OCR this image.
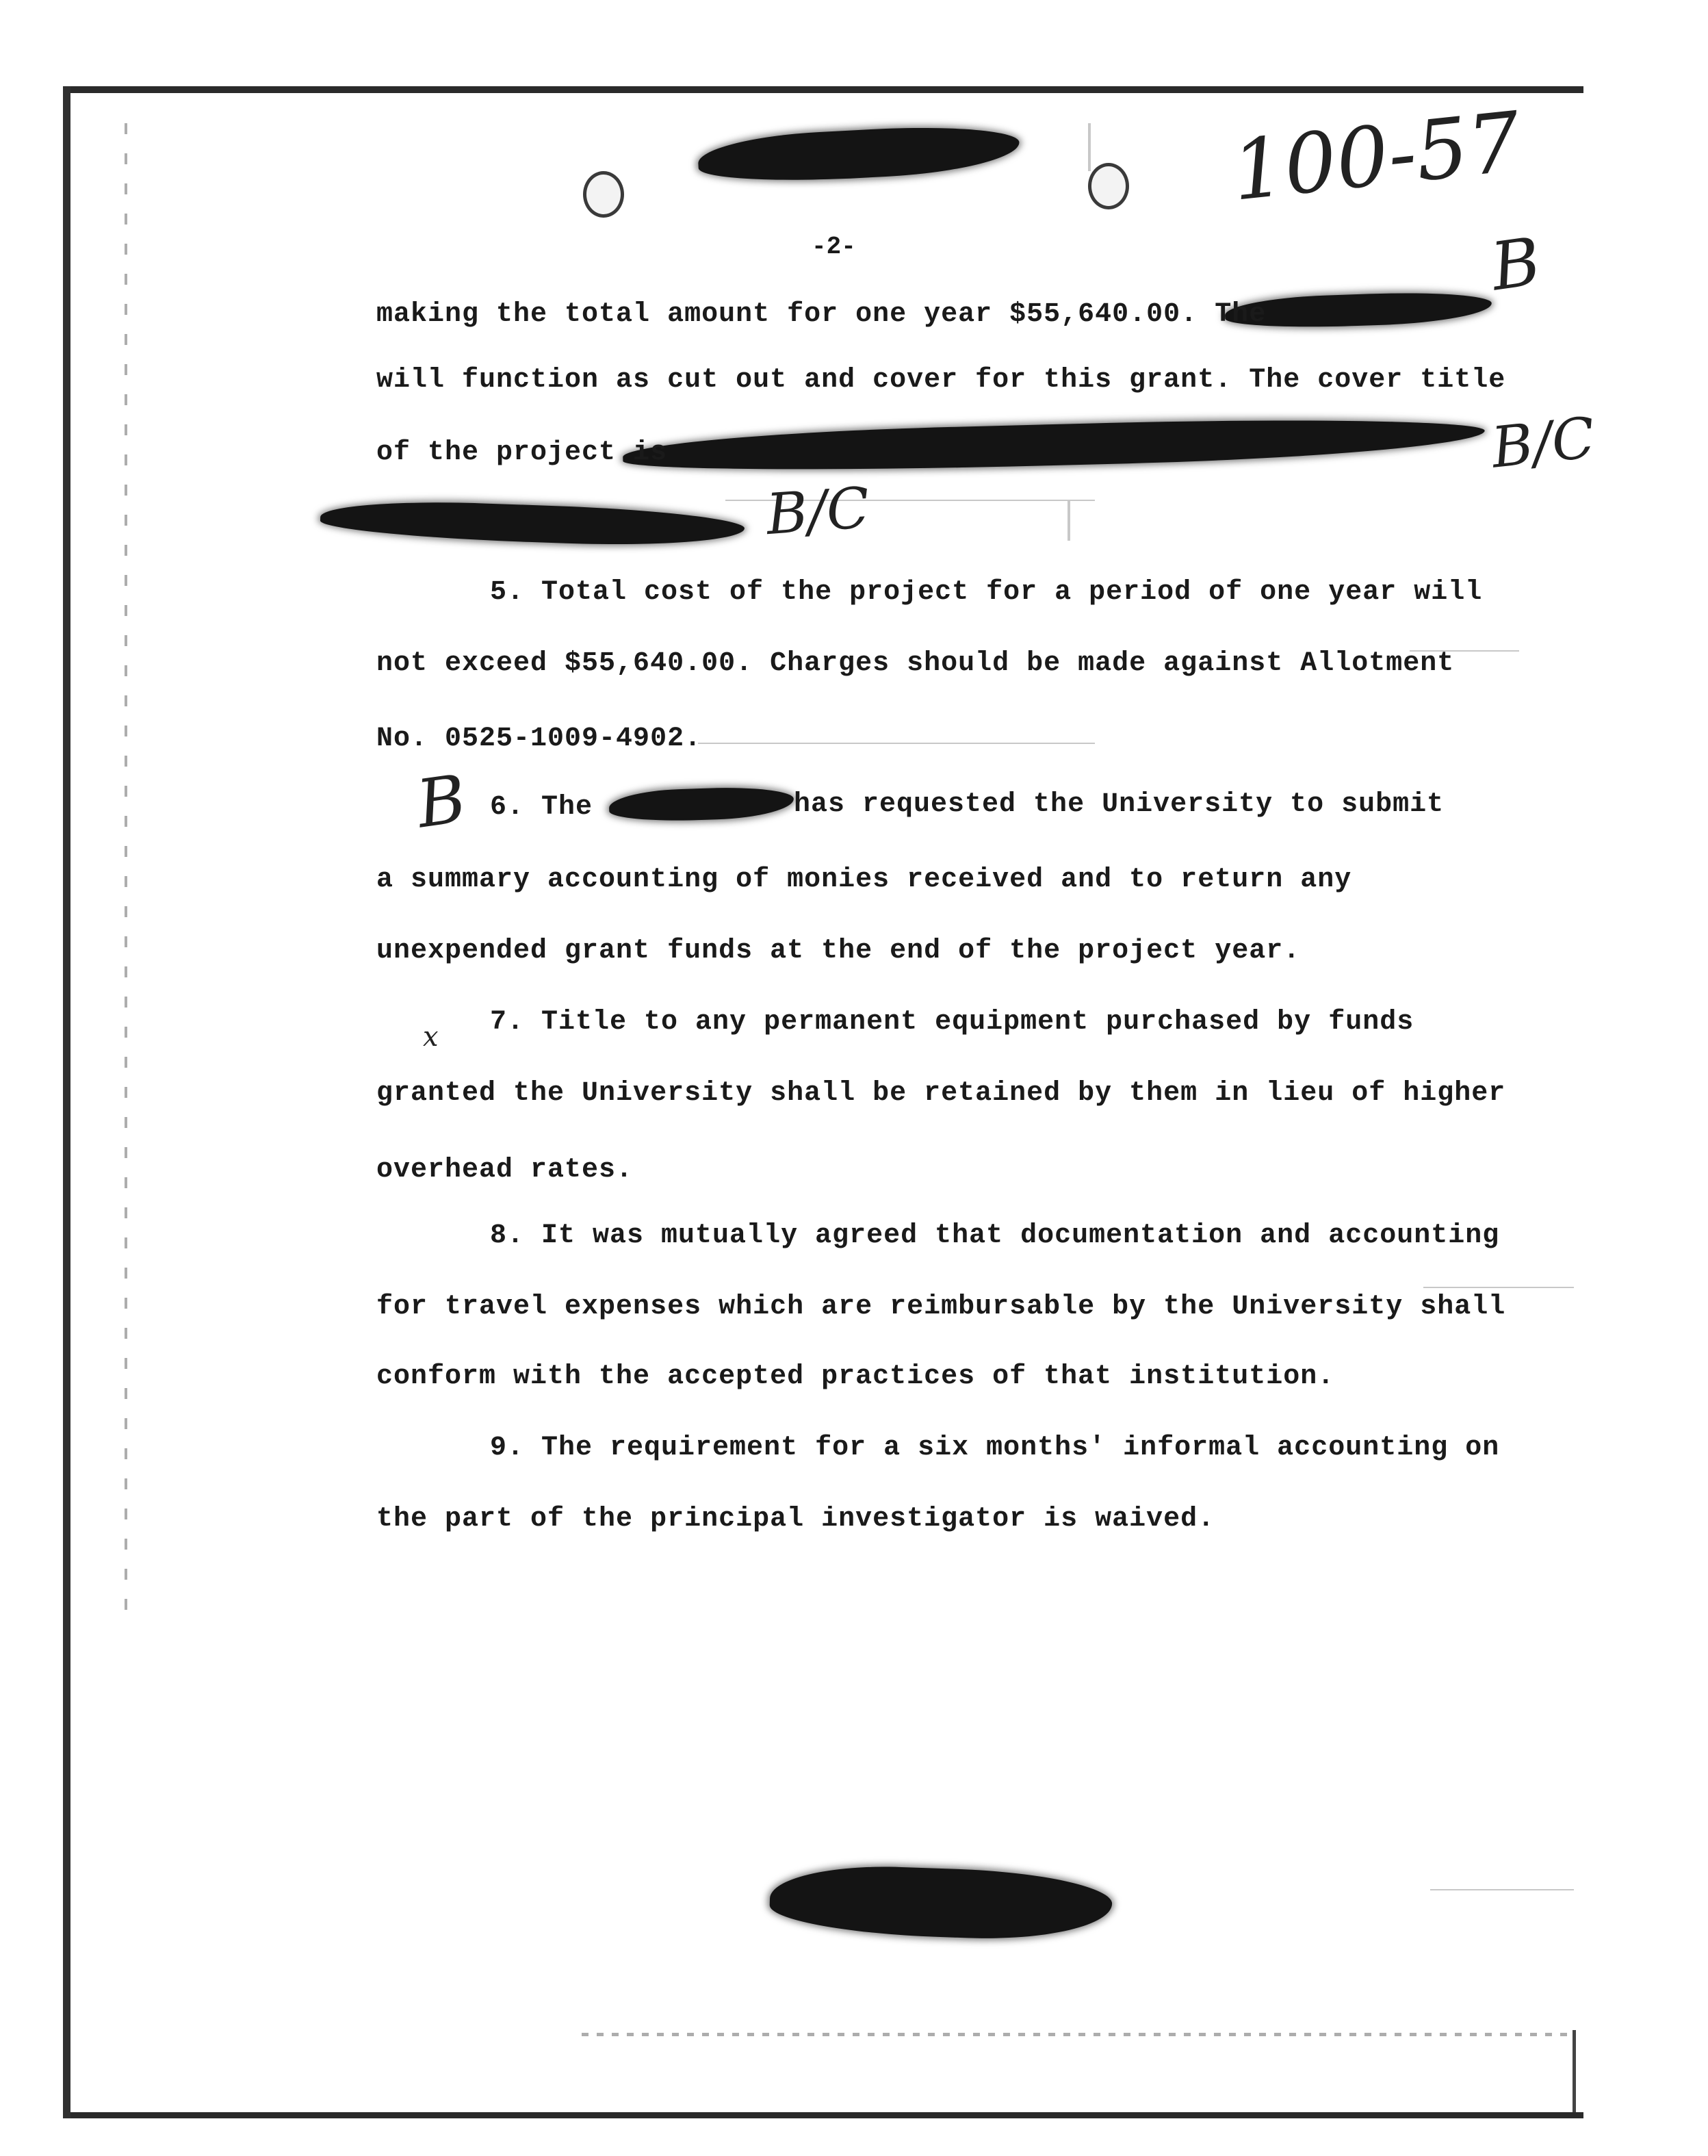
100-57
B
B/C
B/C
B
x
-2-

making the total amount for one year $55,640.00. The

will function as cut out and cover for this grant. The cover title

of the project is

5. Total cost of the project for a period of one year will

not exceed $55,640.00. Charges should be made against Allotment

No. 0525-1009-4902.

6. The	has requested the University to submit

a summary accounting of monies received and to return any

unexpended grant funds at the end of the project year.

7. Title to any permanent equipment purchased by funds

granted the University shall be retained by them in lieu of higher

overhead rates.

8. It was mutually agreed that documentation and accounting

for travel expenses which are reimbursable by the University shall

conform with the accepted practices of that institution.

9. The requirement for a six months' informal accounting on

the part of the principal investigator is waived.
